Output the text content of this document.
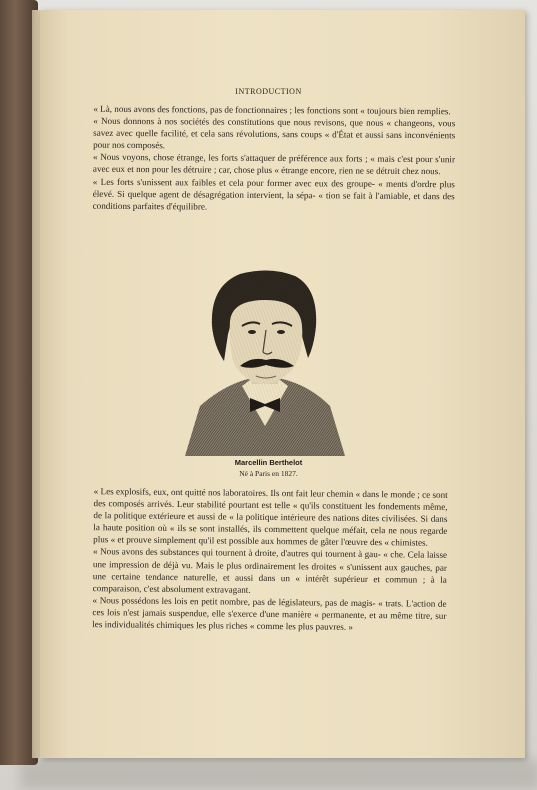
INTRODUCTION

« Là, nous avons des fonctions, pas de fonctionnaires ; les fonctions sont « toujours bien remplies.

« Nous donnons à nos sociétés des constitutions que nous revisons, que nous « changeons, vous savez avec quelle facilité, et cela sans révolutions, sans coups « d'État et aussi sans inconvénients pour nos composés.

« Nous voyons, chose étrange, les forts s'attaquer de préférence aux forts ; « mais c'est pour s'unir avec eux et non pour les détruire ; car, chose plus « étrange encore, rien ne se détruit chez nous.

« Les forts s'unissent aux faibles et cela pour former avec eux des groupe- « ments d'ordre plus élevé. Si quelque agent de désagrégation intervient, la sépa- « tion se fait à l'amiable, et dans des conditions parfaites d'équilibre.

Marcellin Berthelot
Né à Paris en 1827.

« Les explosifs, eux, ont quitté nos laboratoires. Ils ont fait leur chemin « dans le monde ; ce sont des composés arrivés. Leur stabilité pourtant est telle « qu'ils constituent les fondements même, de la politique extérieure et aussi de « la politique intérieure des nations dites civilisées. Si dans la haute position où « ils se sont installés, ils commettent quelque méfait, cela ne nous regarde plus « et prouve simplement qu'il est possible aux hommes de gâter l'œuvre des « chimistes.

« Nous avons des substances qui tournent à droite, d'autres qui tournent à gau- « che. Cela laisse une impression de déjà vu. Mais le plus ordinairement les droites « s'unissent aux gauches, par une certaine tendance naturelle, et aussi dans un « intérêt supérieur et commun ; à la comparaison, c'est absolument extravagant.

« Nous possédons les lois en petit nombre, pas de législateurs, pas de magis- « trats. L'action de ces lois n'est jamais suspendue, elle s'exerce d'une manière « permanente, et au même titre, sur les individualités chimiques les plus riches « comme les plus pauvres. »
